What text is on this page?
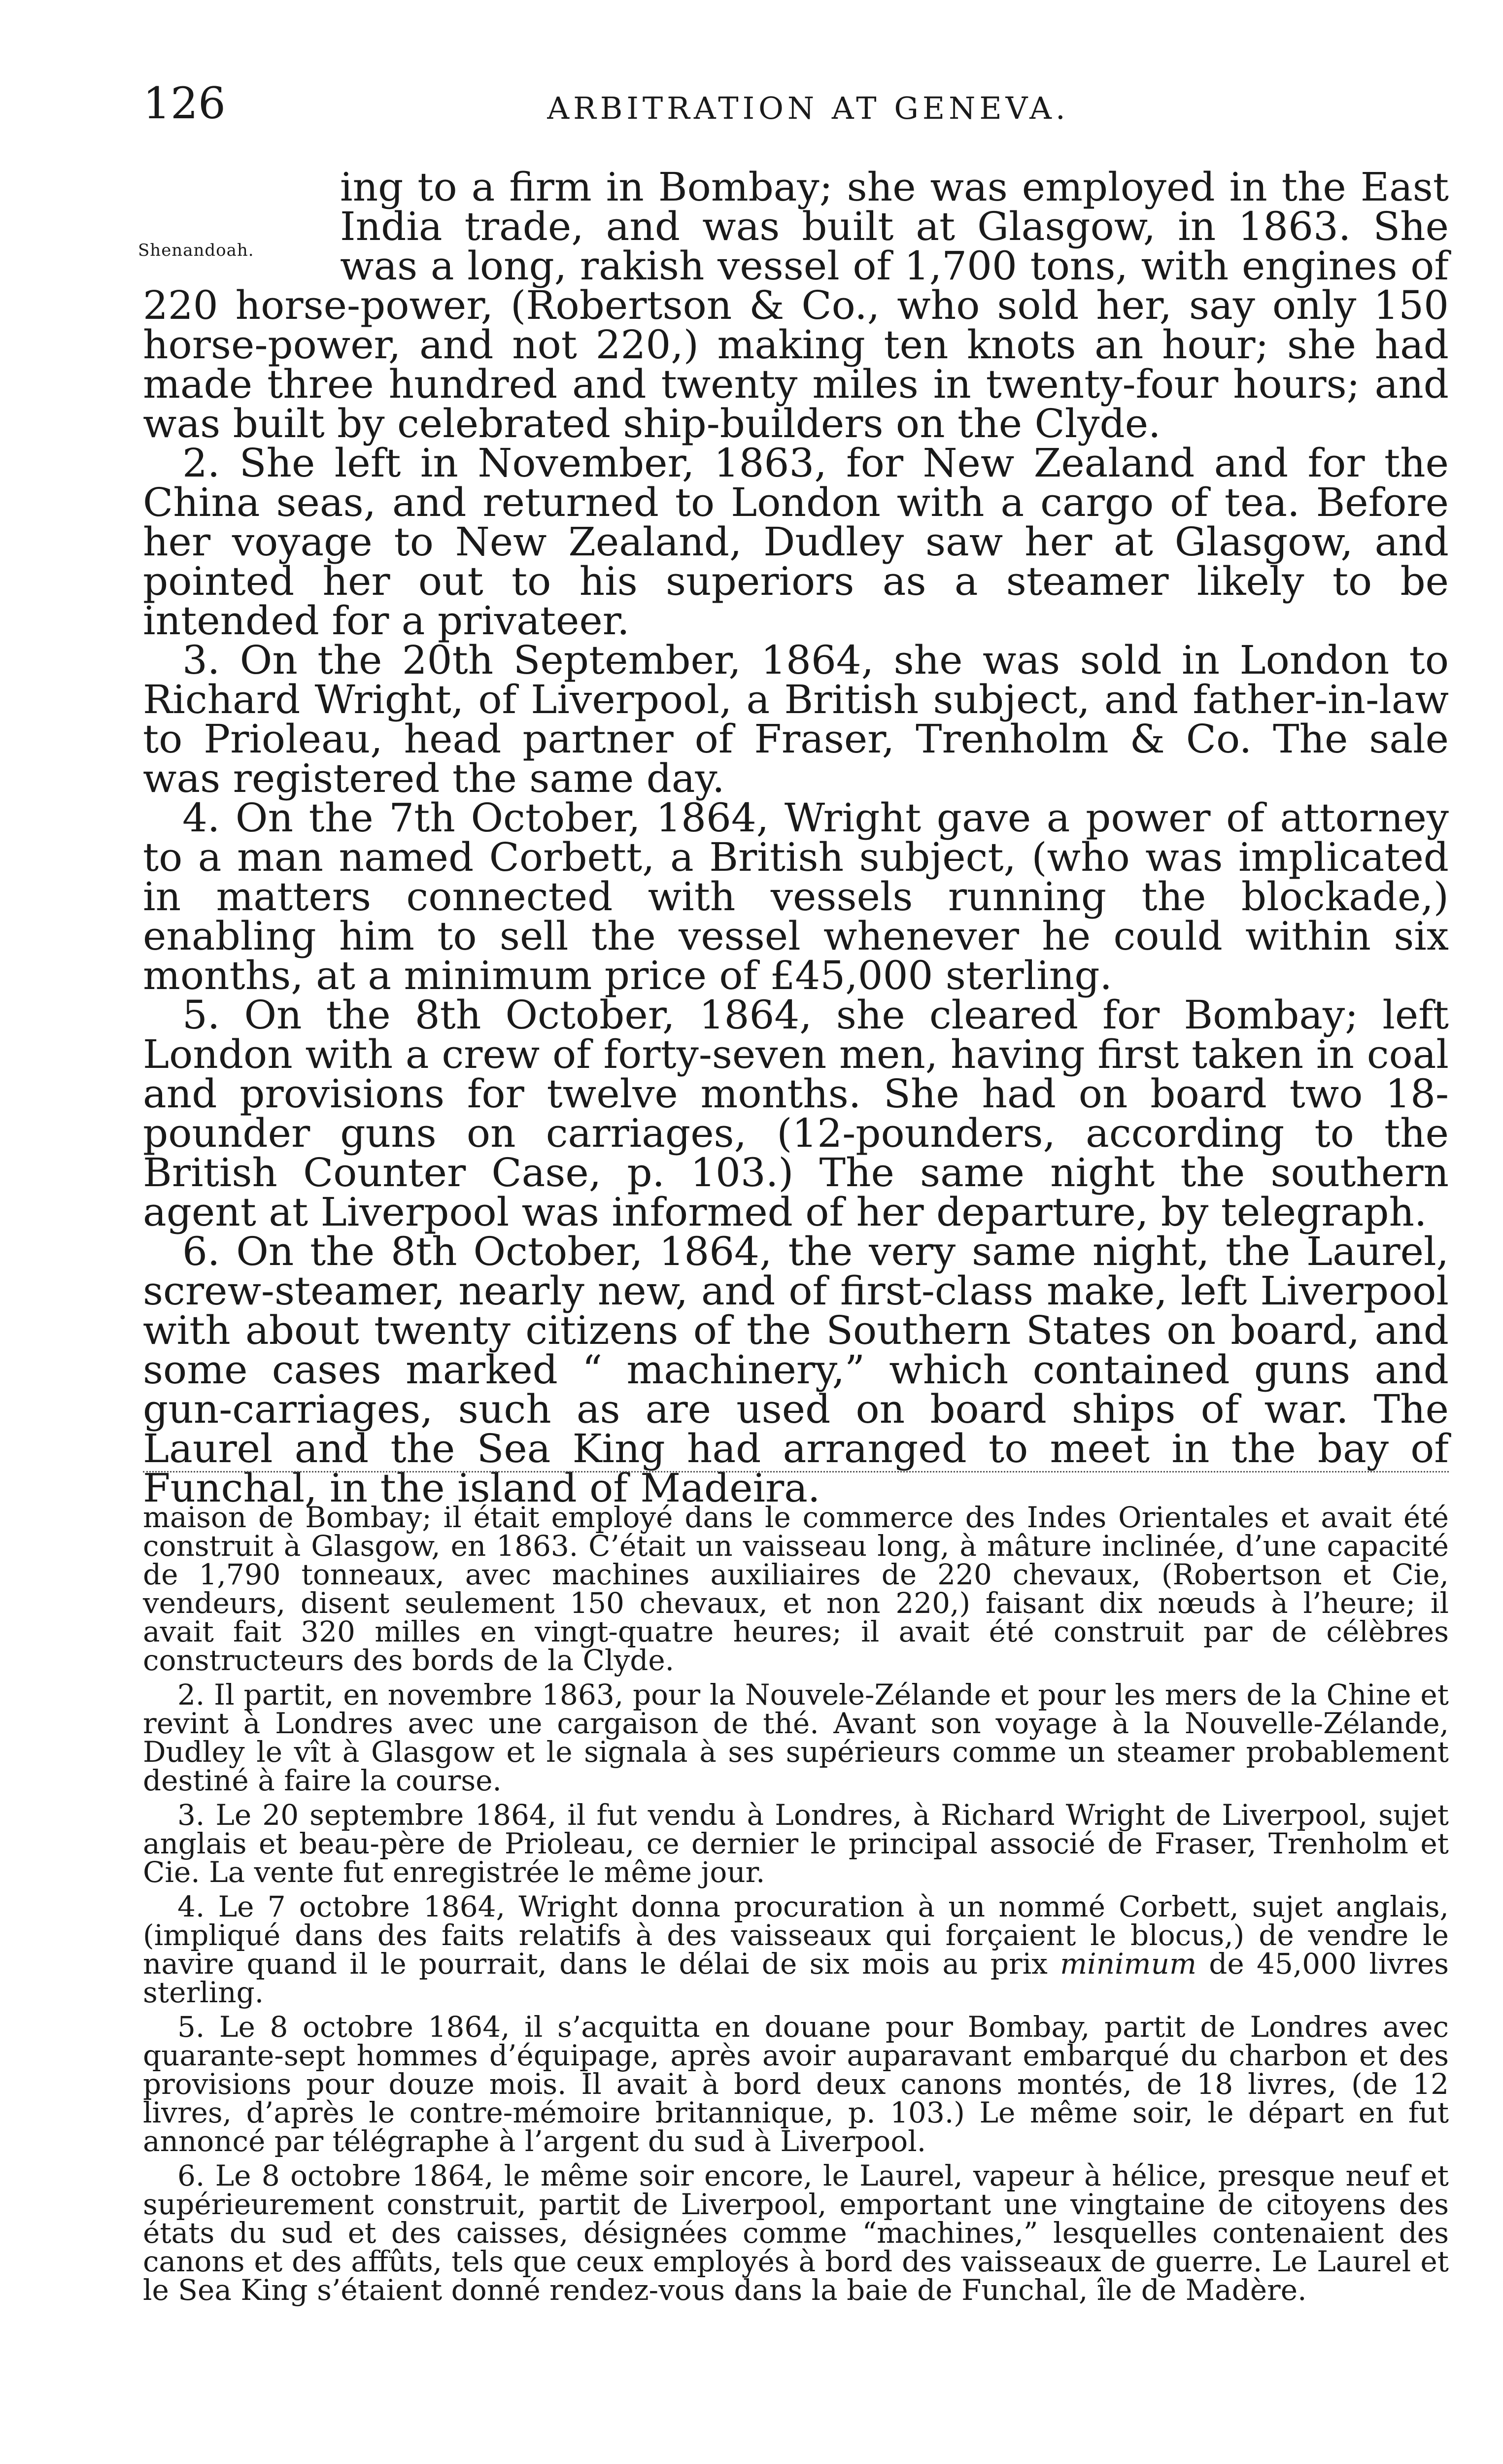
126	ARBITRATION AT GENEVA.
Shenandoah.

ing to a firm in Bombay; she was employed in the East India trade, and was built at Glasgow, in 1863. She was a long, rakish vessel of 1,700 tons, with engines of 220 horse-power, (Robertson & Co., who sold her, say only 150 horse-power, and not 220,) making ten knots an hour; she had made three hundred and twenty miles in twenty-four hours; and was built by celebrated ship-builders on the Clyde.

2. She left in November, 1863, for New Zealand and for the China seas, and returned to London with a cargo of tea. Before her voyage to New Zealand, Dudley saw her at Glasgow, and pointed her out to his superiors as a steamer likely to be intended for a privateer.

3. On the 20th September, 1864, she was sold in London to Richard Wright, of Liverpool, a British subject, and father-in-law to Prioleau, head partner of Fraser, Trenholm & Co. The sale was registered the same day.

4. On the 7th October, 1864, Wright gave a power of attorney to a man named Corbett, a British subject, (who was implicated in matters connected with vessels running the blockade,) enabling him to sell the vessel whenever he could within six months, at a minimum price of £45,000 sterling.

5. On the 8th October, 1864, she cleared for Bombay; left London with a crew of forty-seven men, having first taken in coal and provisions for twelve months. She had on board two 18-pounder guns on carriages, (12-pounders, according to the British Counter Case, p. 103.) The same night the southern agent at Liverpool was informed of her departure, by telegraph.

6. On the 8th October, 1864, the very same night, the Laurel, screw-steamer, nearly new, and of first-class make, left Liverpool with about twenty citizens of the Southern States on board, and some cases marked “ machinery,” which contained guns and gun-carriages, such as are used on board ships of war. The Laurel and the Sea King had arranged to meet in the bay of Funchal, in the island of Madeira.

maison de Bombay; il était employé dans le commerce des Indes Orientales et avait été construit à Glasgow, en 1863. C’était un vaisseau long, à mâture inclinée, d’une capacité de 1,790 tonneaux, avec machines auxiliaires de 220 chevaux, (Robertson et Cie, vendeurs, disent seulement 150 chevaux, et non 220,) faisant dix nœuds à l’heure; il avait fait 320 milles en vingt-quatre heures; il avait été construit par de célèbres constructeurs des bords de la Clyde.

2. Il partit, en novembre 1863, pour la Nouvele-Zélande et pour les mers de la Chine et revint à Londres avec une cargaison de thé. Avant son voyage à la Nouvelle-Zélande, Dudley le vît à Glasgow et le signala à ses supérieurs comme un steamer probablement destiné à faire la course.

3. Le 20 septembre 1864, il fut vendu à Londres, à Richard Wright de Liverpool, sujet anglais et beau-père de Prioleau, ce dernier le principal associé de Fraser, Trenholm et Cie. La vente fut enregistrée le même jour.

4. Le 7 octobre 1864, Wright donna procuration à un nommé Corbett, sujet anglais, (impliqué dans des faits relatifs à des vaisseaux qui forçaient le blocus,) de vendre le navire quand il le pourrait, dans le délai de six mois au prix minimum de 45,000 livres sterling.

5. Le 8 octobre 1864, il s’acquitta en douane pour Bombay, partit de Londres avec quarante-sept hommes d’équipage, après avoir auparavant embarqué du charbon et des provisions pour douze mois. Il avait à bord deux canons montés, de 18 livres, (de 12 livres, d’après le contre-mémoire britannique, p. 103.) Le même soir, le départ en fut annoncé par télégraphe à l’argent du sud à Liverpool.

6. Le 8 octobre 1864, le même soir encore, le Laurel, vapeur à hélice, presque neuf et supérieurement construit, partit de Liverpool, emportant une vingtaine de citoyens des états du sud et des caisses, désignées comme “machines,” lesquelles contenaient des canons et des affûts, tels que ceux employés à bord des vaisseaux de guerre. Le Laurel et le Sea King s’étaient donné rendez-vous dans la baie de Funchal, île de Madère.
